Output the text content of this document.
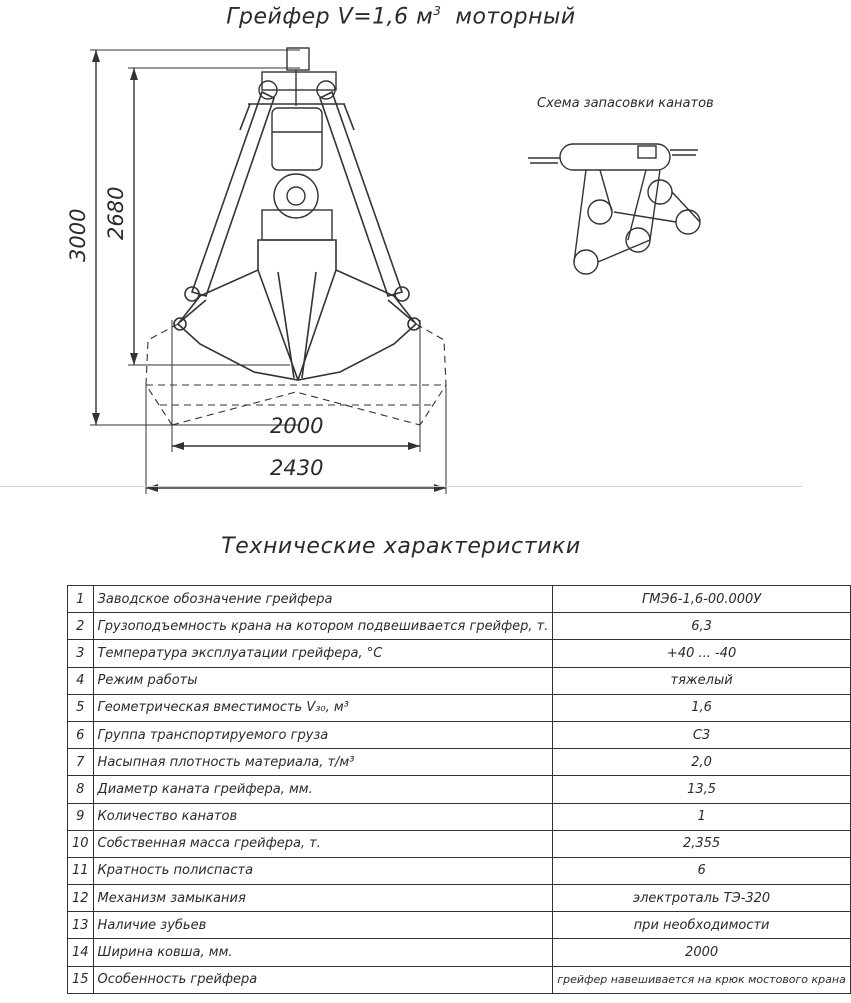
Грейфер V=1,6 $м^3$ моторный
Схема запасовки канатов
3000 2680
2000
2430
Технические характеристики
1	Заводское обозначение грейфера	ГМЭ6-1,6-00.000У
2	Грузоподъемность крана на котором подвешивается грейфер, т.	6,3
3	Температура эксплуатации грейфера, °С	+40 ... -40
4	Режим работы	тяжелый
5	Геометрическая вместимость V₃₀, м³	1,6
6	Группа транспортируемого груза	С3
7	Насыпная плотность материала, т/м³	2,0
8	Диаметр каната грейфера, мм.	13,5
9	Количество канатов	1
10	Собственная масса грейфера, т.	2,355
11	Кратность полиспаста	6
12	Механизм замыкания	электроталь ТЭ-320
13	Наличие зубьев	при необходимости
14	Ширина ковша, мм.	2000
15	Особенность грейфера	грейфер навешивается на крюк мостового крана
